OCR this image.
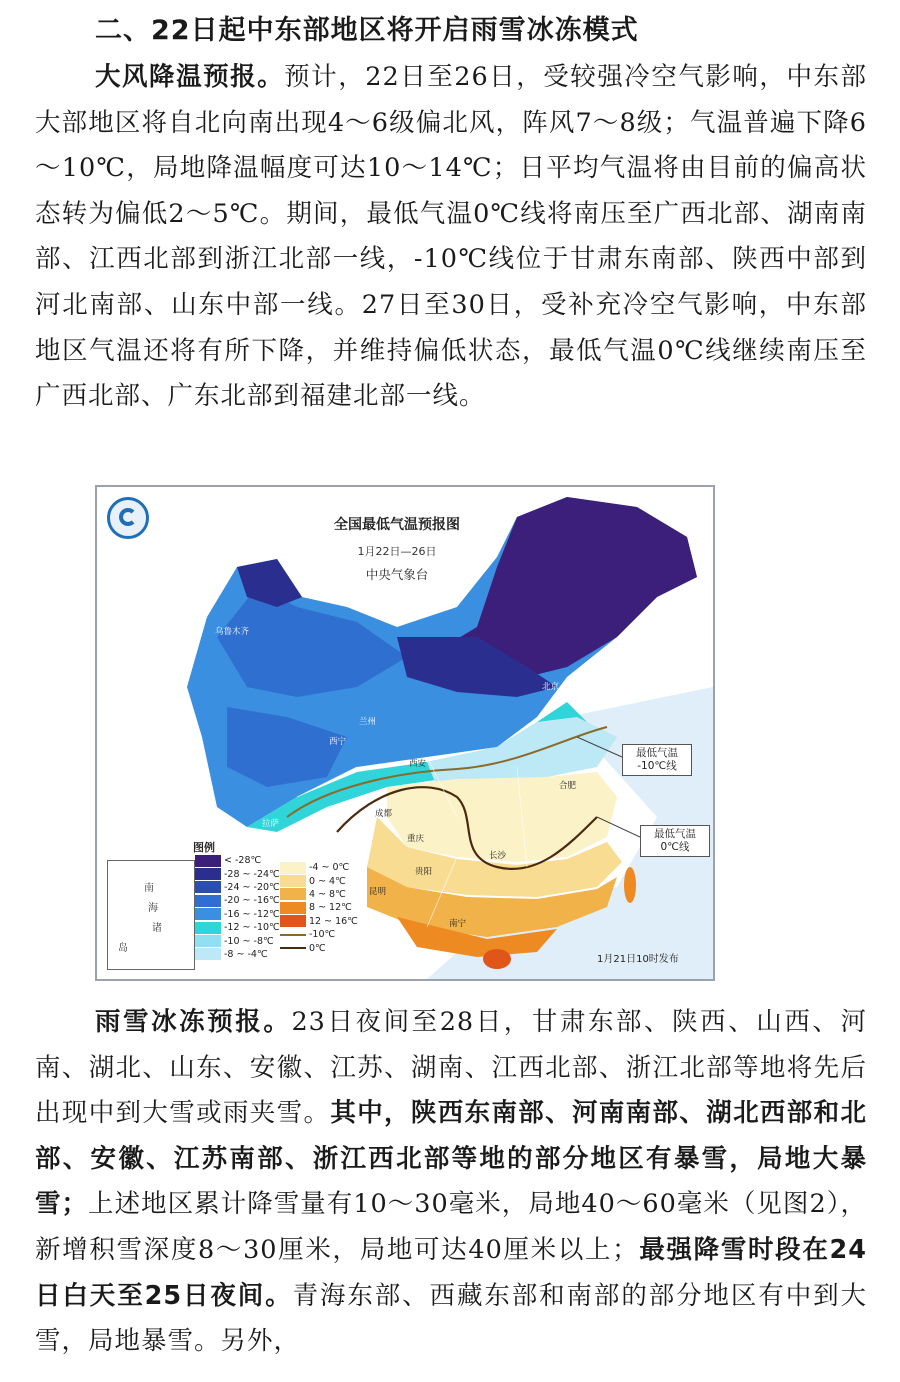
二、22日起中东部地区将开启雨雪冰冻模式
大风降温预报。预计，22日至26日，受较强冷空气影响，中东部大部地区将自北向南出现4～6级偏北风，阵风7～8级；气温普遍下降6～10℃，局地降温幅度可达10～14℃；日平均气温将由目前的偏高状态转为偏低2～5℃。期间，最低气温0℃线将南压至广西北部、湖南南部、江西北部到浙江北部一线，-10℃线位于甘肃东南部、陕西中部到河北南部、山东中部一线。27日至30日，受补充冷空气影响，中东部地区气温还将有所下降，并维持偏低状态，最低气温0℃线继续南压至广西北部、广东北部到福建北部一线。
全国最低气温预报图
1月22日—26日
中央气象台
乌鲁木齐
西宁
兰州
拉萨
西安
成都
重庆
贵阳
昆明
长沙
北京
合肥
南宁
最低气温
-10℃线
最低气温
0℃线
南
海
诸
岛
图例
< -28℃
-28 ~ -24℃
-24 ~ -20℃
-20 ~ -16℃
-16 ~ -12℃
-12 ~ -10℃
-10 ~ -8℃
-8 ~ -4℃
-4 ~ 0℃
0 ~ 4℃
4 ~ 8℃
8 ~ 12℃
12 ~ 16℃
-10℃
0℃
1月21日10时发布
雨雪冰冻预报。23日夜间至28日，甘肃东部、陕西、山西、河南、湖北、山东、安徽、江苏、湖南、江西北部、浙江北部等地将先后出现中到大雪或雨夹雪。其中，陕西东南部、河南南部、湖北西部和北部、安徽、江苏南部、浙江西北部等地的部分地区有暴雪，局地大暴雪；上述地区累计降雪量有10～30毫米，局地40～60毫米（见图2），新增积雪深度8～30厘米，局地可达40厘米以上；最强降雪时段在24日白天至25日夜间。青海东部、西藏东部和南部的部分地区有中到大雪，局地暴雪。另外，
